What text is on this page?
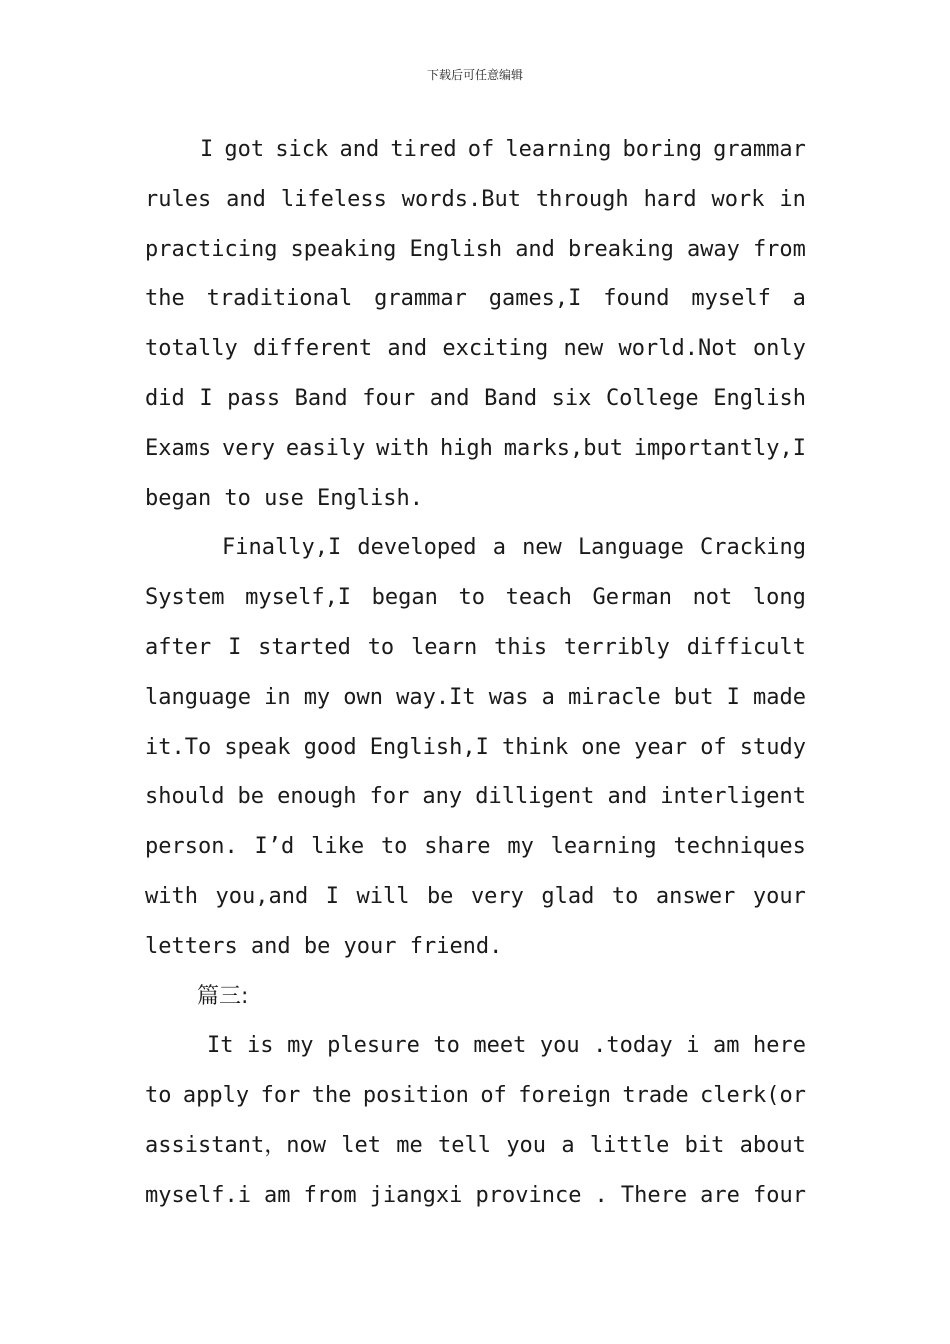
下载后可任意编辑
I got sick and tired of learning boring grammar
rules and lifeless words.But through hard work in
practicing speaking English and breaking away from
the traditional grammar games,I found myself a
totally different and exciting new world.Not only
did I pass Band four and Band six College English
Exams very easily with high marks,but importantly,I
began to use English.
Finally,I developed a new Language Cracking
System myself,I began to teach German not long
after I started to learn this terribly difficult
language in my own way.It was a miracle but I made
it.To speak good English,I think one year of study
should be enough for any dilligent and interligent
person. I’d like to share my learning techniques
with you,and I will be very glad to answer your
letters and be your friend.
篇三:
It is my plesure to meet you .today i am here
to apply for the position of foreign trade clerk(or
assistant，now let me tell you a little bit about
myself.i am from jiangxi province . There are four
